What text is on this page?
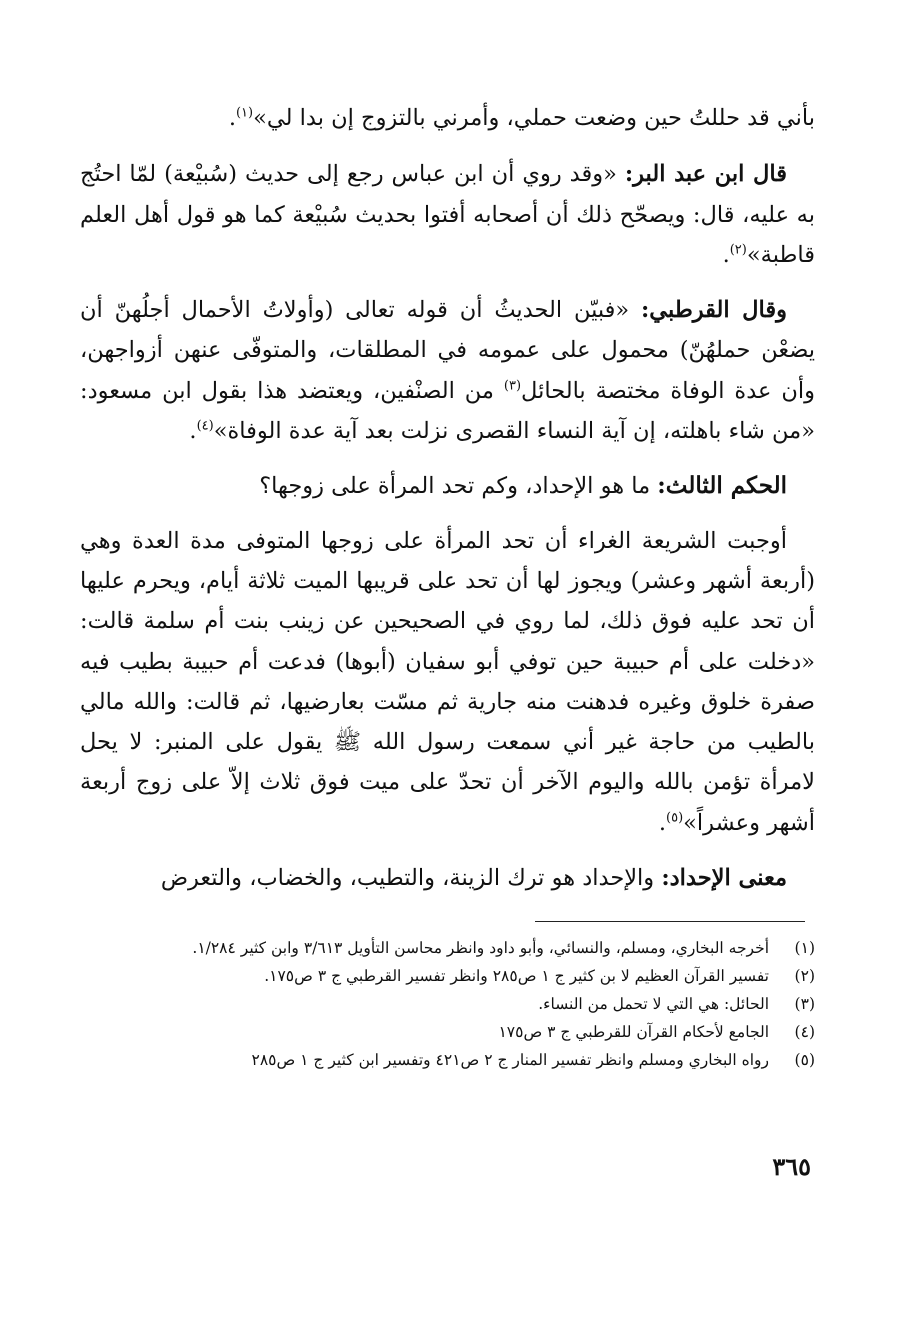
بأني قد حللتُ حين وضعت حملي، وأمرني بالتزوج إن بدا لي»$^{(١)}$.

قال ابن عبد البر: «وقد روي أن ابن عباس رجع إلى حديث (سُبيْعة) لمّا احتُج به عليه، قال: ويصحّح ذلك أن أصحابه أفتوا بحديث سُبيْعة كما هو قول أهل العلم قاطبة»$^{(٢)}$.

وقال القرطبي: «فبيّن الحديثُ أن قوله تعالى (وأولاتُ الأحمال أجلُهنّ أن يضعْن حملهُنّ) محمول على عمومه في المطلقات، والمتوفّى عنهن أزواجهن، وأن عدة الوفاة مختصة بالحائل$^{(٣)}$ من الصنْفين، ويعتضد هذا بقول ابن مسعود: «من شاء باهلته، إن آية النساء القصرى نزلت بعد آية عدة الوفاة»$^{(٤)}$.

الحكم الثالث: ما هو الإحداد، وكم تحد المرأة على زوجها؟

أوجبت الشريعة الغراء أن تحد المرأة على زوجها المتوفى مدة العدة وهي (أربعة أشهر وعشر) ويجوز لها أن تحد على قريبها الميت ثلاثة أيام، ويحرم عليها أن تحد عليه فوق ذلك، لما روي في الصحيحين عن زينب بنت أم سلمة قالت: «دخلت على أم حبيبة حين توفي أبو سفيان (أبوها) فدعت أم حبيبة بطيب فيه صفرة خلوق وغيره فدهنت منه جارية ثم مسّت بعارضيها، ثم قالت: والله مالي بالطيب من حاجة غير أني سمعت رسول الله ﷺ يقول على المنبر: لا يحل لامرأة تؤمن بالله واليوم الآخر أن تحدّ على ميت فوق ثلاث إلاّ على زوج أربعة أشهر وعشراً»$^{(٥)}$.

معنى الإحداد: والإحداد هو ترك الزينة، والتطيب، والخضاب، والتعرض

(١)
أخرجه البخاري، ومسلم، والنسائي، وأبو داود وانظر محاسن التأويل ٣/٦١٣ وابن كثير ١/٢٨٤.
(٢)
تفسير القرآن العظيم لا بن كثير ج ١ ص٢٨٥ وانظر تفسير القرطبي ج ٣ ص١٧٥.
(٣)
الحائل: هي التي لا تحمل من النساء.
(٤)
الجامع لأحكام القرآن للقرطبي ج ٣ ص١٧٥
(٥)
رواه البخاري ومسلم وانظر تفسير المنار ج ٢ ص٤٢١ وتفسير ابن كثير ج ١ ص٢٨٥
٣٦٥
